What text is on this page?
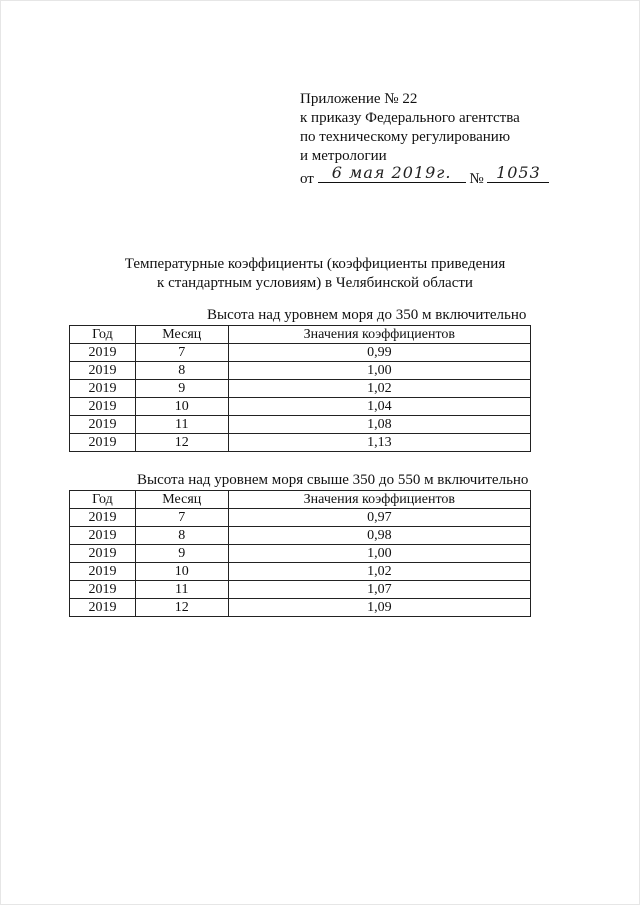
Приложение № 22
к приказу Федерального агентства
по техническому регулированию
и метрологии
от	6 мая 2019г.	№ 1053
Температурные коэффициенты (коэффициенты приведения
к стандартным условиям) в Челябинской области
Высота над уровнем моря до 350 м включительно
Год	Месяц	Значения коэффициентов
2019	7	0,99
2019	8	1,00
2019	9	1,02
2019	10	1,04
2019	11	1,08
2019	12	1,13
Высота над уровнем моря свыше 350 до 550 м включительно
Год	Месяц	Значения коэффициентов
2019	7	0,97
2019	8	0,98
2019	9	1,00
2019	10	1,02
2019	11	1,07
2019	12	1,09
